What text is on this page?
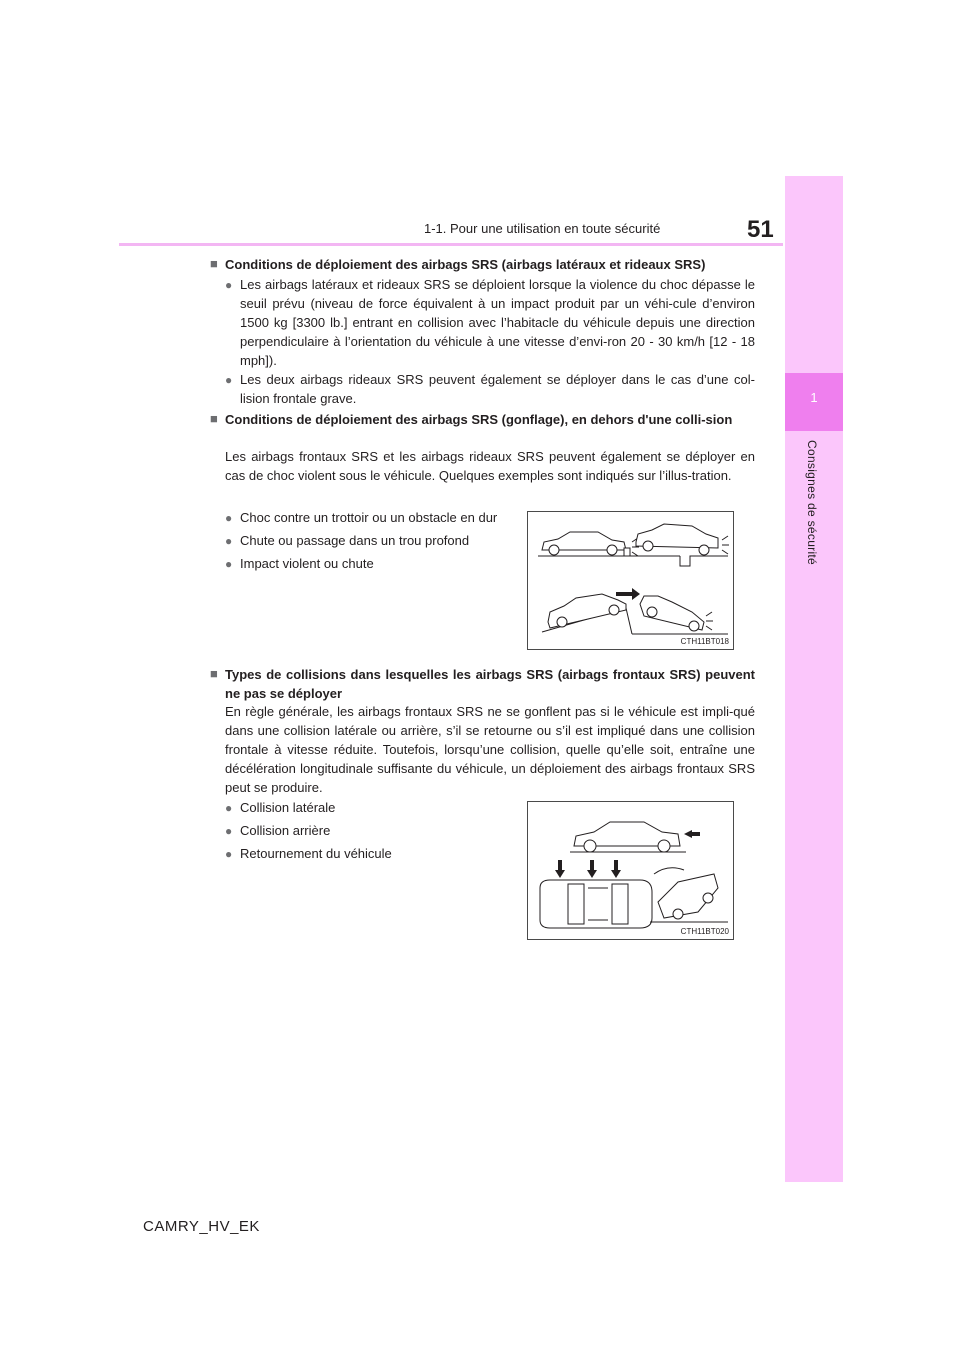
1-1. Pour une utilisation en toute sécurité	51
1
Consignes de sécurité
■ Conditions de déploiement des airbags SRS (airbags latéraux et rideaux SRS)
● Les airbags latéraux et rideaux SRS se déploient lorsque la violence du choc dépasse le seuil prévu (niveau de force équivalent à un impact produit par un véhi-cule d’environ 1500 kg [3300 lb.] entrant en collision avec l’habitacle du véhicule depuis une direction perpendiculaire à l’orientation du véhicule à une vitesse d’envi-ron 20 - 30 km/h [12 - 18 mph]).
● Les deux airbags rideaux SRS peuvent également se déployer dans le cas d’une col-lision frontale grave.
■ Conditions de déploiement des airbags SRS (gonflage), en dehors d'une colli-sion
Les airbags frontaux SRS et les airbags rideaux SRS peuvent également se déployer en cas de choc violent sous le véhicule. Quelques exemples sont indiqués sur l’illus-tration.
● Choc contre un trottoir ou un obstacle en dur
● Chute ou passage dans un trou profond
● Impact violent ou chute
CTH11BT018
■ Types de collisions dans lesquelles les airbags SRS (airbags frontaux SRS) peuvent ne pas se déployer
En règle générale, les airbags frontaux SRS ne se gonflent pas si le véhicule est impli-qué dans une collision latérale ou arrière, s’il se retourne ou s’il est impliqué dans une collision frontale à vitesse réduite. Toutefois, lorsqu’une collision, quelle qu’elle soit, entraîne une décélération longitudinale suffisante du véhicule, un déploiement des airbags frontaux SRS peut se produire.
● Collision latérale
● Collision arrière
● Retournement du véhicule
CTH11BT020
CAMRY_HV_EK
